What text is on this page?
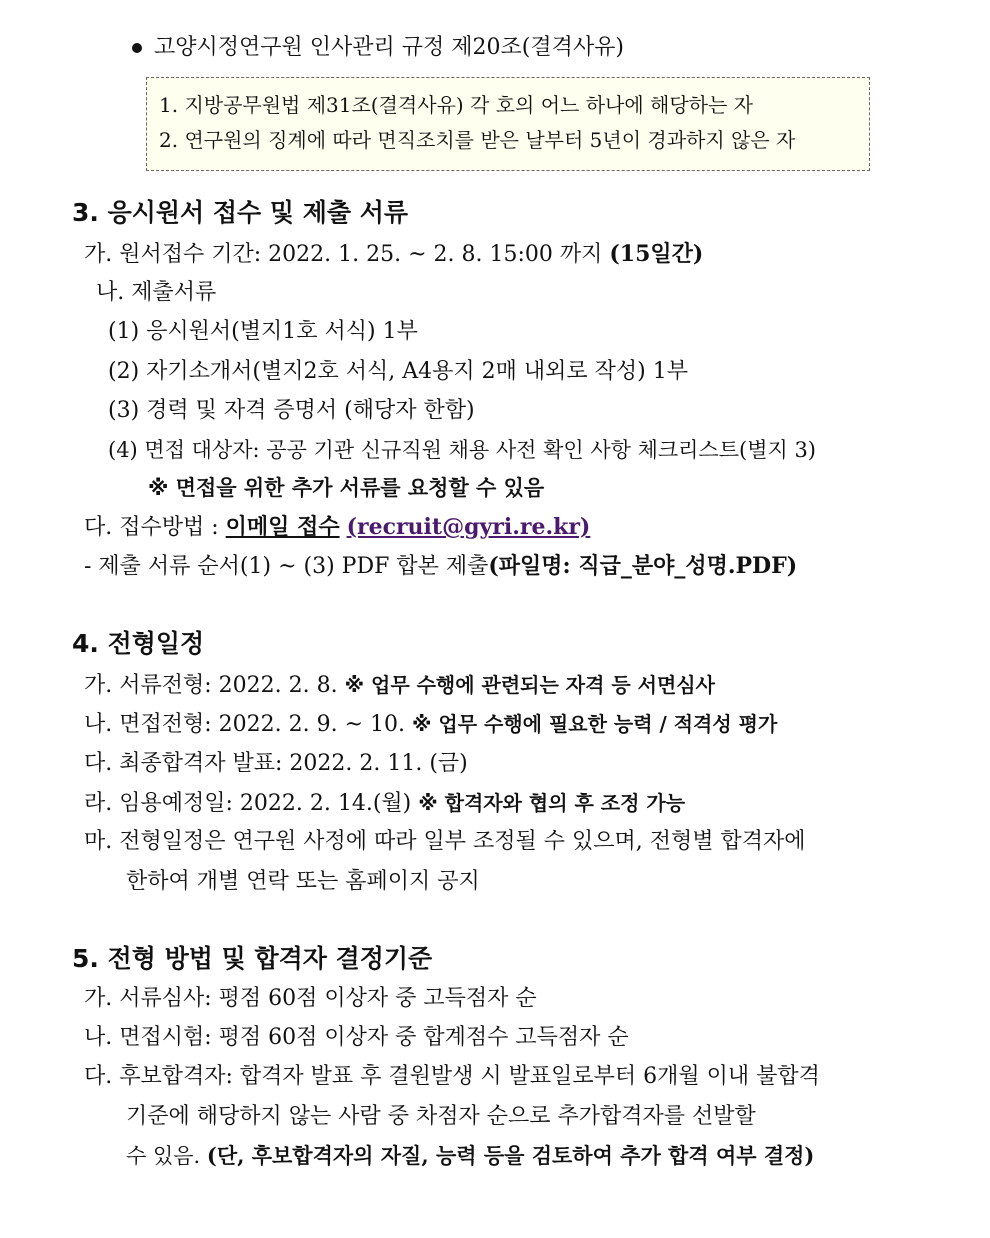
고양시정연구원 인사관리 규정 제20조(결격사유)
1. 지방공무원법 제31조(결격사유) 각 호의 어느 하나에 해당하는 자
2. 연구원의 징계에 따라 면직조치를 받은 날부터 5년이 경과하지 않은 자
3. 응시원서 접수 및 제출 서류
가. 원서접수 기간: 2022. 1. 25. ~ 2. 8. 15:00 까지 (15일간)
나. 제출서류
(1) 응시원서(별지1호 서식) 1부
(2) 자기소개서(별지2호 서식, A4용지 2매 내외로 작성) 1부
(3) 경력 및 자격 증명서 (해당자 한함)
(4) 면접 대상자: 공공 기관 신규직원 채용 사전 확인 사항 체크리스트(별지 3)
※ 면접을 위한 추가 서류를 요청할 수 있음
다. 접수방법 : 이메일 접수 (recruit@gyri.re.kr)
- 제출 서류 순서(1) ~ (3) PDF 합본 제출(파일명: 직급_분야_성명.PDF)
4. 전형일정
가. 서류전형: 2022. 2. 8. ※ 업무 수행에 관련되는 자격 등 서면심사
나. 면접전형: 2022. 2. 9. ~ 10. ※ 업무 수행에 필요한 능력 / 적격성 평가
다. 최종합격자 발표: 2022. 2. 11. (금)
라. 임용예정일: 2022. 2. 14.(월) ※ 합격자와 협의 후 조정 가능
마. 전형일정은 연구원 사정에 따라 일부 조정될 수 있으며, 전형별 합격자에
한하여 개별 연락 또는 홈페이지 공지
5. 전형 방법 및 합격자 결정기준
가. 서류심사: 평점 60점 이상자 중 고득점자 순
나. 면접시험: 평점 60점 이상자 중 합계점수 고득점자 순
다. 후보합격자: 합격자 발표 후 결원발생 시 발표일로부터 6개월 이내 불합격
기준에 해당하지 않는 사람 중 차점자 순으로 추가합격자를 선발할
수 있음. (단, 후보합격자의 자질, 능력 등을 검토하여 추가 합격 여부 결정)
